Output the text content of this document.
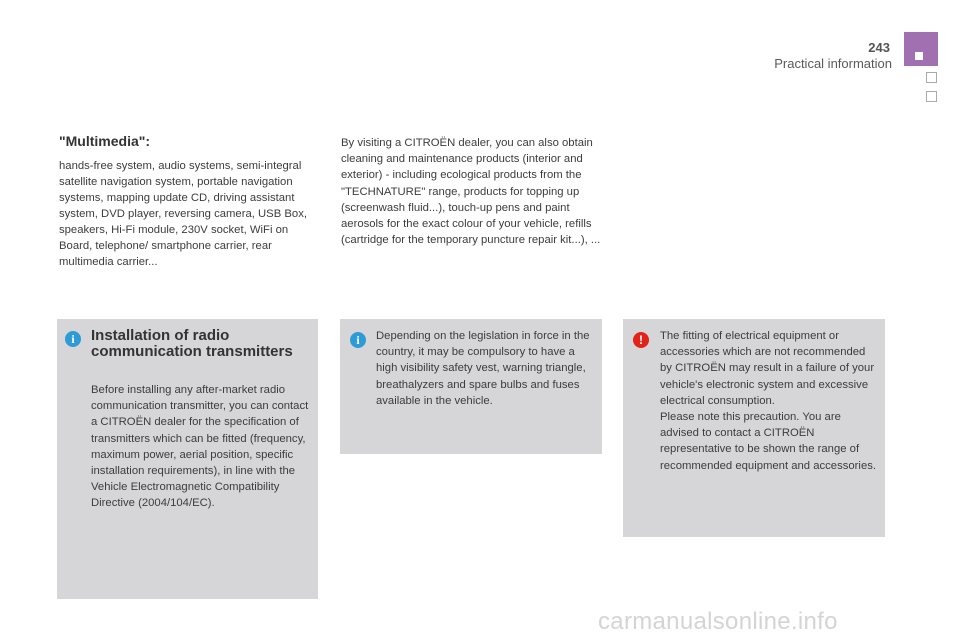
243
Practical information
"Multimedia":
hands-free system, audio systems, semi-integral satellite navigation system, portable navigation systems, mapping update CD, driving assistant system, DVD player, reversing camera, USB Box, speakers, Hi-Fi module, 230V socket, WiFi on Board, telephone/ smartphone carrier, rear multimedia carrier...
By visiting a CITROËN dealer, you can also obtain cleaning and maintenance products (interior and exterior) - including ecological products from the "TECHNATURE" range, products for topping up (screenwash fluid...), touch-up pens and paint aerosols for the exact colour of your vehicle, refills (cartridge for the temporary puncture repair kit...), ...
i	Installation of radio communication transmitters
Before installing any after-market radio communication transmitter, you can contact a CITROËN dealer for the specification of transmitters which can be fitted (frequency, maximum power, aerial position, specific installation requirements), in line with the Vehicle Electromagnetic Compatibility Directive (2004/104/EC).
i	Depending on the legislation in force in the country, it may be compulsory to have a high visibility safety vest, warning triangle, breathalyzers and spare bulbs and fuses available in the vehicle.
!	The fitting of electrical equipment or accessories which are not recommended by CITROËN may result in a failure of your vehicle's electronic system and excessive electrical consumption.
Please note this precaution. You are advised to contact a CITROËN representative to be shown the range of recommended equipment and accessories.
carmanualsonline.info
